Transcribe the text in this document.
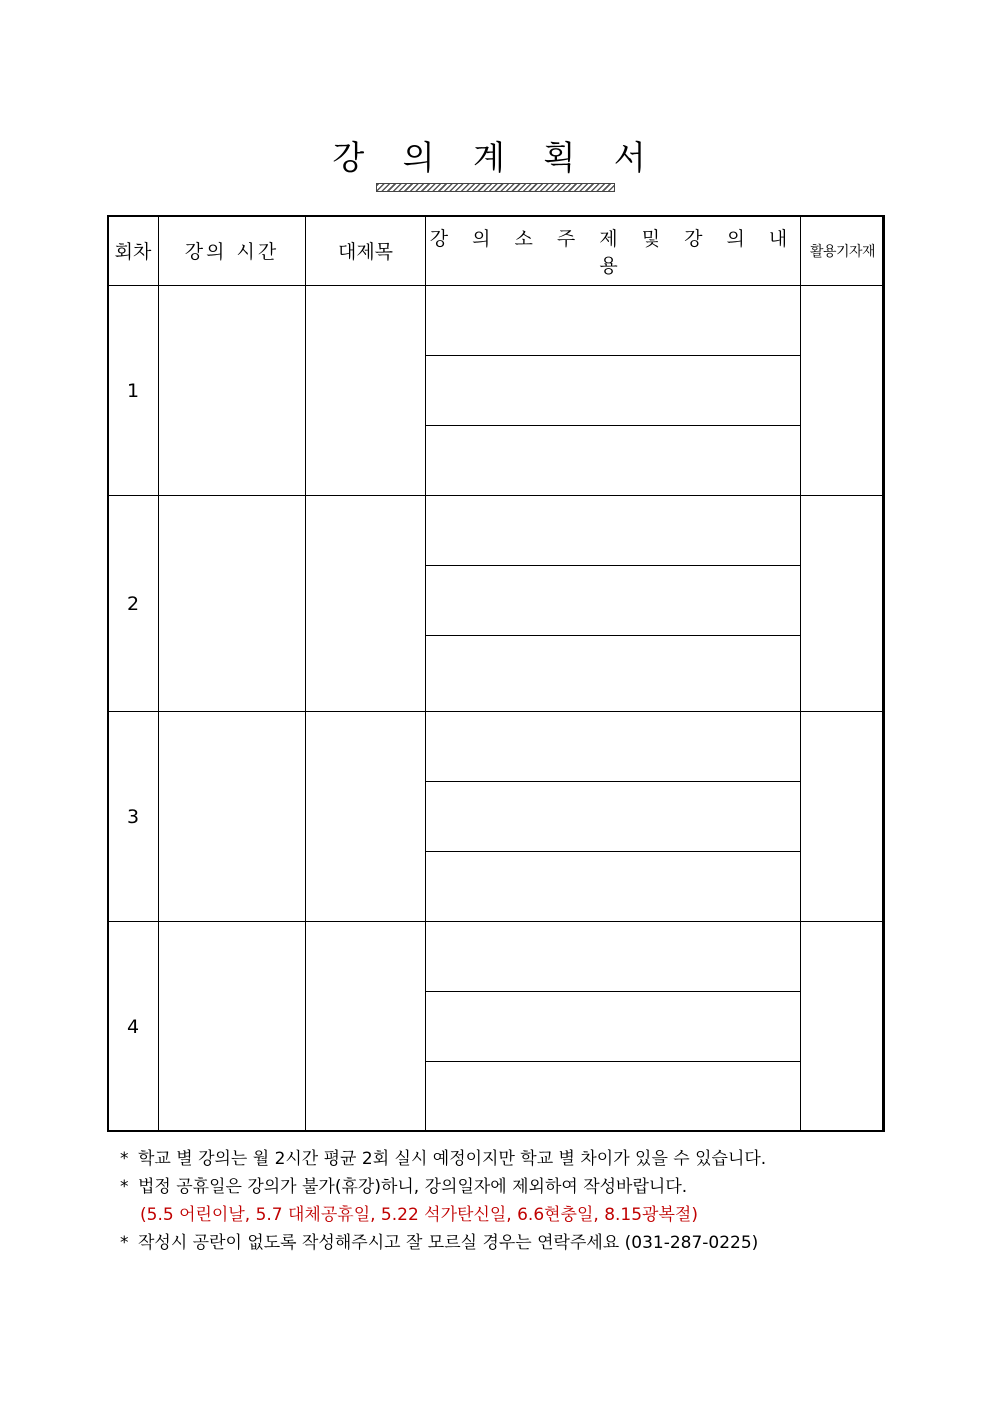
강 의 계 획 서
회차	강의 시간	대제목	강 의 소 주 제 및 강 의 내 용	활용기자재
1				

2				

3				

4				

* 학교 별 강의는 월 2시간 평균 2회 실시 예정이지만 학교 별 차이가 있을 수 있습니다.
* 법정 공휴일은 강의가 불가(휴강)하니, 강의일자에 제외하여 작성바랍니다.
(5.5 어린이날, 5.7 대체공휴일, 5.22 석가탄신일, 6.6현충일, 8.15광복절)
* 작성시 공란이 없도록 작성해주시고 잘 모르실 경우는 연락주세요 (031-287-0225)
